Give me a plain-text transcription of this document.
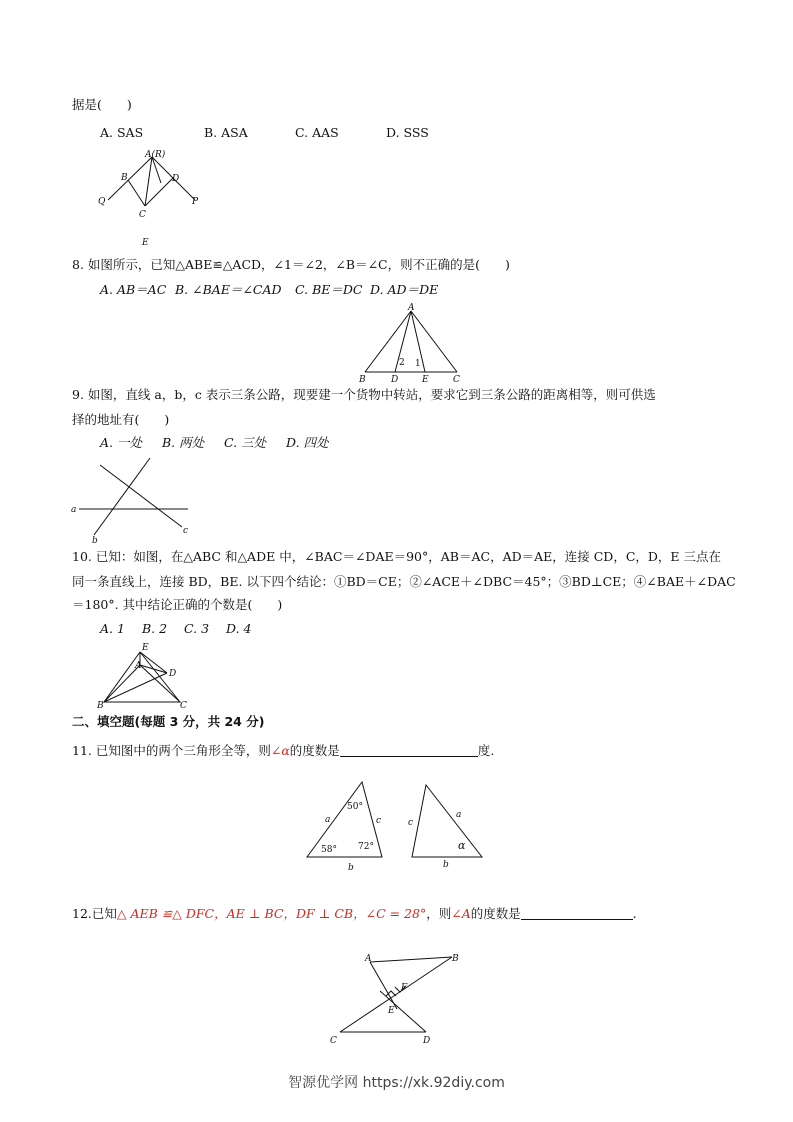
据是(　　)
A. SAS	B. ASA	C. AAS	D. SSS
A(R)
B	D
Q
C
P
E
8. 如图所示，已知△ABE≌△ACD，∠1＝∠2，∠B＝∠C，则不正确的是(　　)
A. AB＝AC B. ∠BAE＝∠CAD C. BE＝DC D. AD＝DE
A
B	D	E	C
2 1
9. 如图，直线 a，b，c 表示三条公路，现要建一个货物中转站，要求它到三条公路的距离相等，则可供选
择的地址有(　　)
A. 一处 B. 两处 C. 三处 D. 四处
a
b
c
10. 已知：如图，在△ABC 和△ADE 中，∠BAC＝∠DAE＝90°，AB＝AC，AD＝AE，连接 CD，C，D，E 三点在
同一条直线上，连接 BD，BE. 以下四个结论：①BD＝CE；②∠ACE＋∠DBC＝45°；③BD⊥CE；④∠BAE＋∠DAC
＝180°. 其中结论正确的个数是(　　)
A. 1 B. 2 C. 3 D. 4
E
A
D
B	C
二、填空题(每题 3 分，共 24 分)
11. 已知图中的两个三角形全等，则∠α的度数是	度.
50°
58° 72°
a	c
b
c
a
b
α
12.已知△ AEB ≌△ DFC，AE ⊥ BC，DF ⊥ CB，∠C = 28°，则∠A的度数是	.
A	B
F
E
C	D
智源优学网 https://xk.92diy.com
